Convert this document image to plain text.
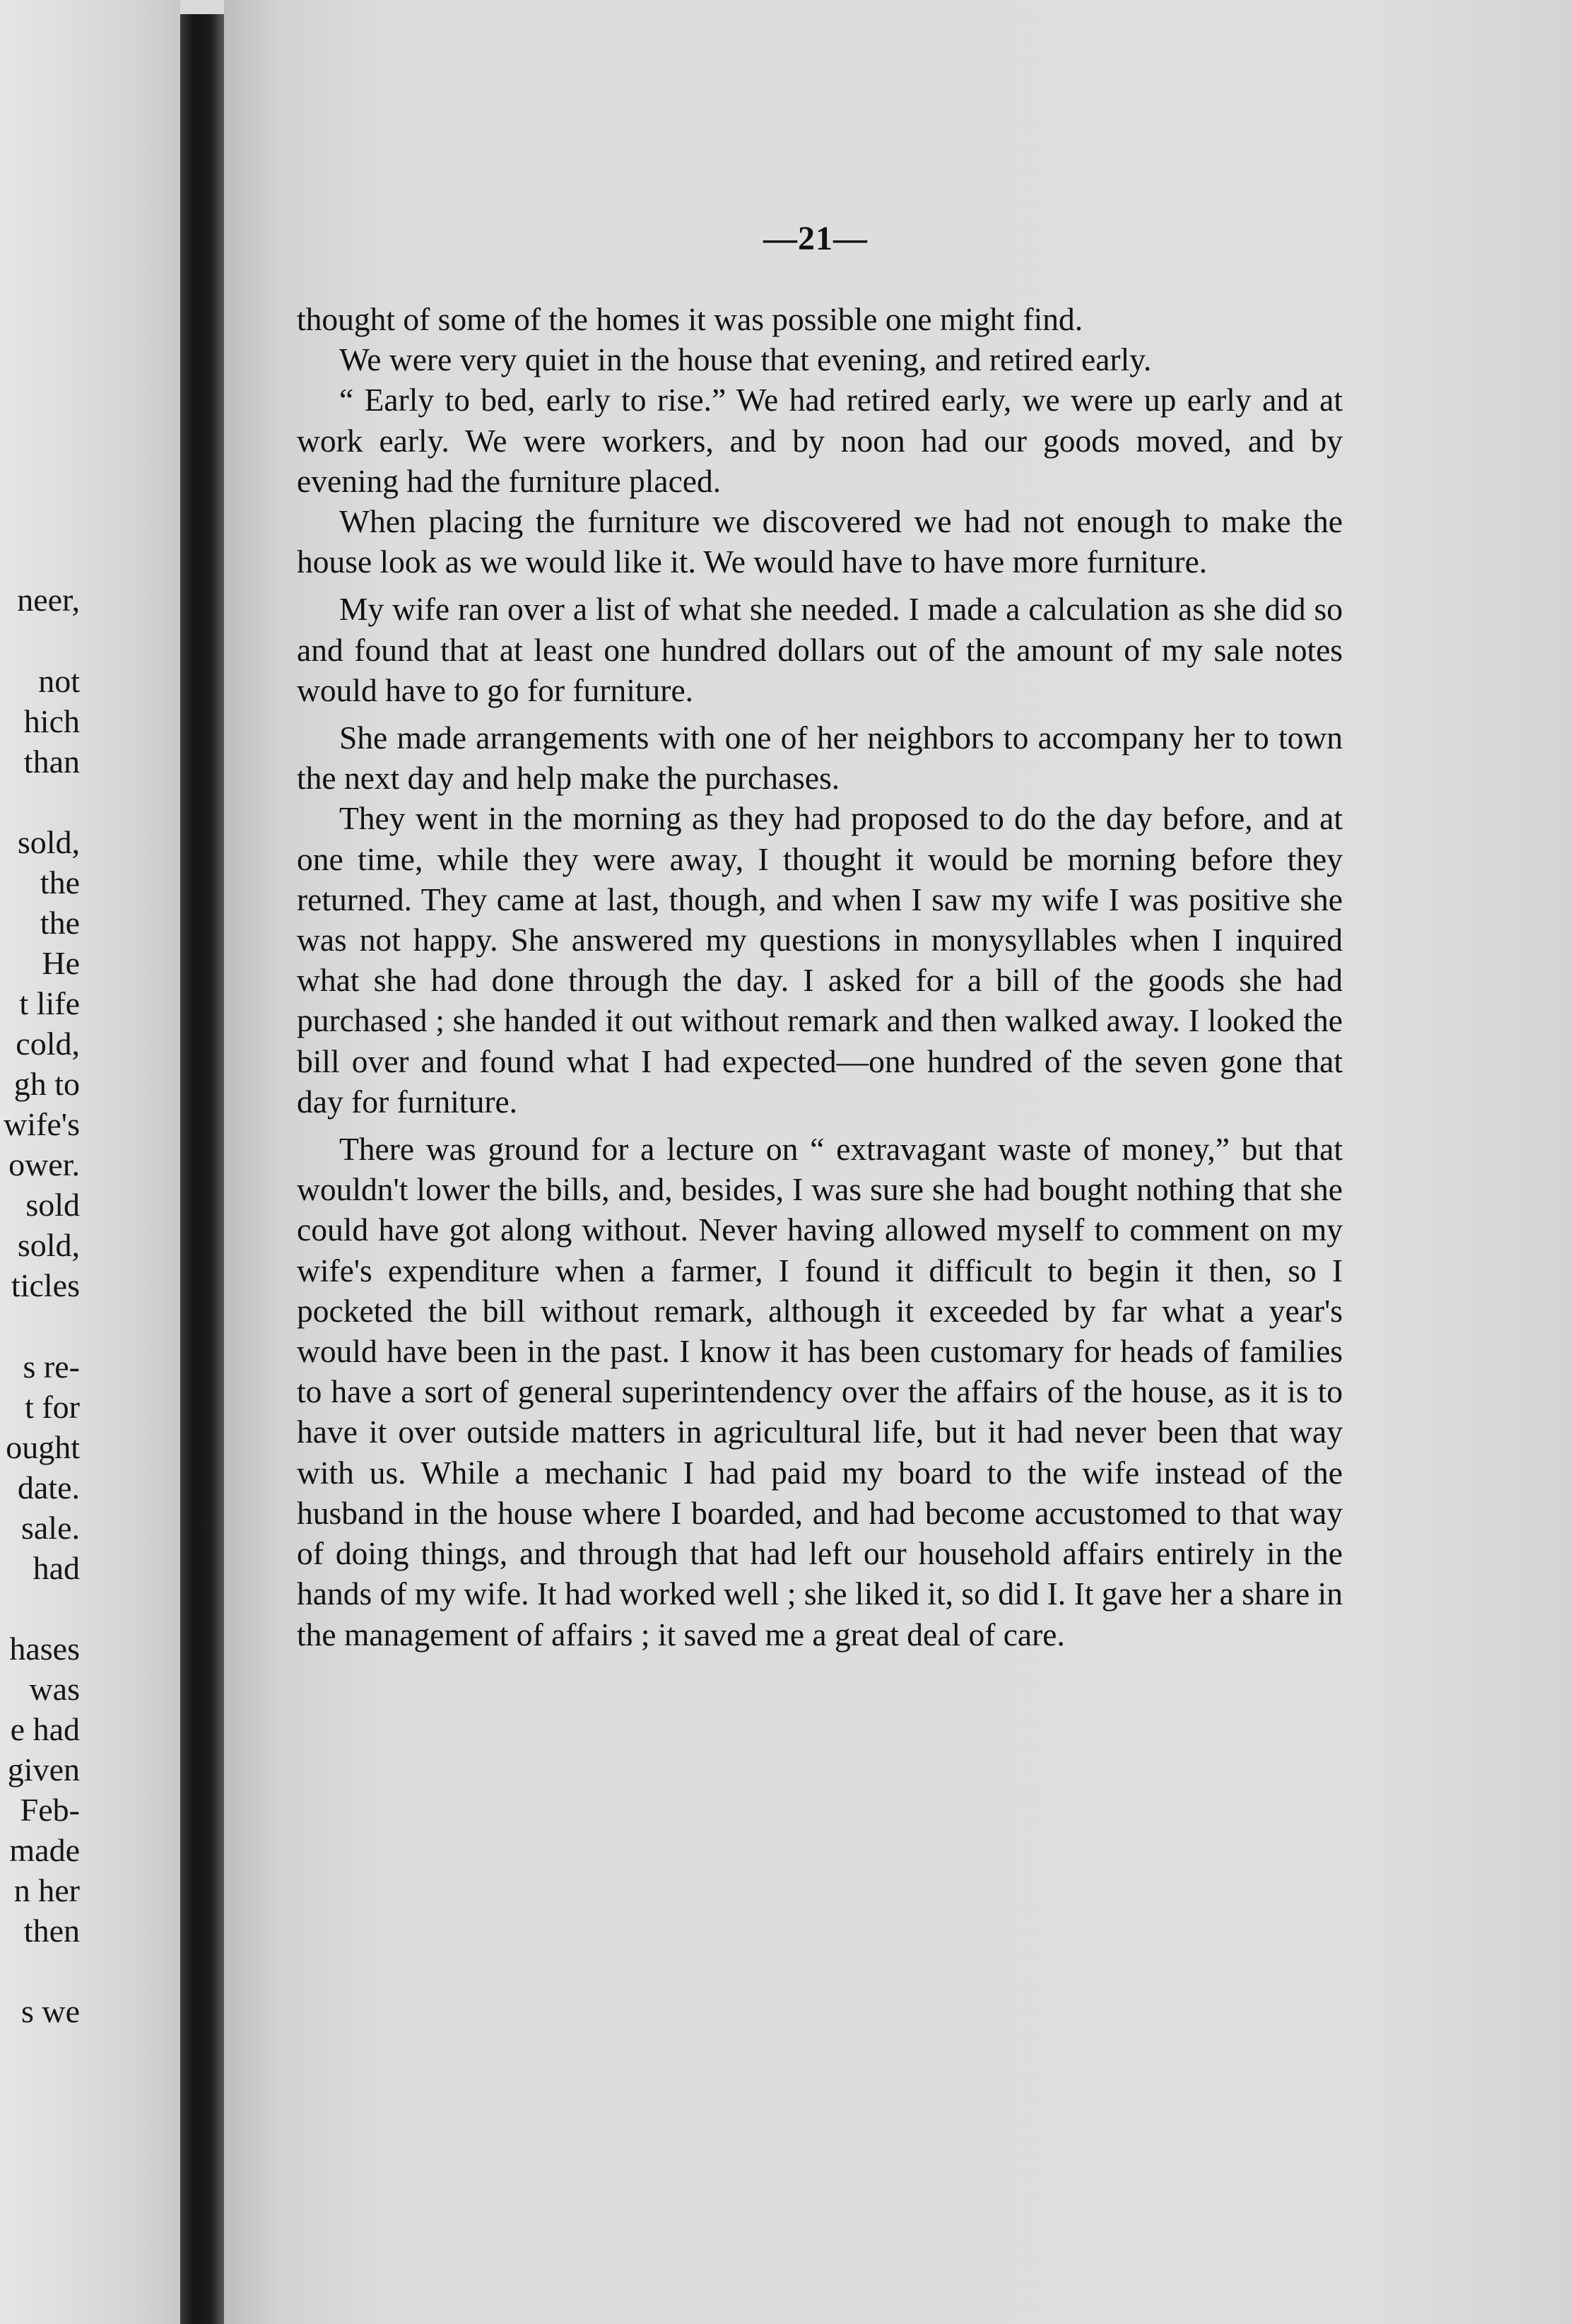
neer,
not
hich
than
sold,
the
the
He
t life
cold,
gh to
wife's
ower.
sold
sold,
ticles
s re-
t for
ought
date.
sale.
had
hases
was
e had
given
Feb-
made
n her
then
s we
—21—

thought of some of the homes it was possible one might find.

We were very quiet in the house that evening, and retired early.

“ Early to bed, early to rise.” We had retired early, we were up early and at work early. We were workers, and by noon had our goods moved, and by evening had the furniture placed.

When placing the furniture we discovered we had not enough to make the house look as we would like it. We would have to have more furniture.

My wife ran over a list of what she needed. I made a calculation as she did so and found that at least one hundred dollars out of the amount of my sale notes would have to go for furniture.

She made arrangements with one of her neighbors to accompany her to town the next day and help make the purchases.

They went in the morning as they had proposed to do the day before, and at one time, while they were away, I thought it would be morning before they returned. They came at last, though, and when I saw my wife I was positive she was not happy. She answered my questions in monysyllables when I inquired what she had done through the day. I asked for a bill of the goods she had purchased ; she handed it out without remark and then walked away. I looked the bill over and found what I had expected—one hundred of the seven gone that day for furniture.

There was ground for a lecture on “ extravagant waste of money,” but that wouldn't lower the bills, and, besides, I was sure she had bought nothing that she could have got along without. Never having allowed myself to comment on my wife's expenditure when a farmer, I found it difficult to begin it then, so I pocketed the bill without remark, although it exceeded by far what a year's would have been in the past. I know it has been customary for heads of families to have a sort of general superintendency over the affairs of the house, as it is to have it over outside matters in agricultural life, but it had never been that way with us. While a mechanic I had paid my board to the wife instead of the husband in the house where I boarded, and had become accustomed to that way of doing things, and through that had left our household affairs entirely in the hands of my wife. It had worked well ; she liked it, so did I. It gave her a share in the management of affairs ; it saved me a great deal of care.
